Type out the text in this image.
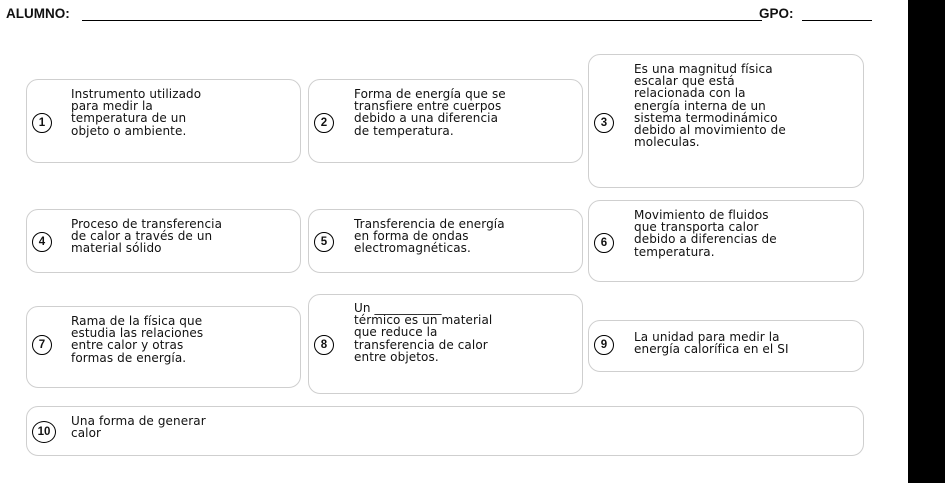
ALUMNO:	GPO:
1
Instrumento utilizado
para medir la
temperatura de un
objeto o ambiente.
2
Forma de energía que se
transfiere entre cuerpos
debido a una diferencia
de temperatura.
3
Es una magnitud física
escalar que está
relacionada con la
energía interna de un
sistema termodinámico
debido al movimiento de
moleculas.
4
Proceso de transferencia
de calor a través de un
material sólido	5
Transferencia de energía
en forma de ondas
electromagnéticas.	6
Movimiento de fluidos
que transporta calor
debido a diferencias de
temperatura.
7
Rama de la física que
estudia las relaciones
entre calor y otras
formas de energía.
8
Un ___________
térmico es un material
que reduce la
transferencia de calor
entre objetos.
9
La unidad para medir la
energía calorífica en el SI
10
Una forma de generar
calor
